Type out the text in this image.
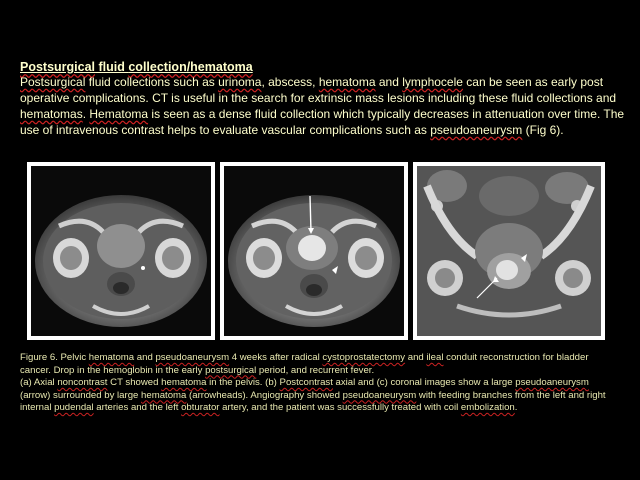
Postsurgical fluid collection/hematoma
Postsurgical fluid collections such as urinoma, abscess, hematoma and lymphocele can be seen as early post operative complications. CT is useful in the search for extrinsic mass lesions including these fluid collections and hematomas. Hematoma is seen as a dense fluid collection which typically decreases in attenuation over time. The use of intravenous contrast helps to evaluate vascular complications such as pseudoaneurysm (Fig 6).
Figure 6. Pelvic hematoma and pseudoaneurysm 4 weeks after radical cystoprostatectomy and ileal conduit reconstruction for bladder cancer. Drop in the hemoglobin in the early postsurgical period, and recurrent fever.
(a) Axial noncontrast CT showed hematoma in the pelvis. (b) Postcontrast axial and (c) coronal images show a large pseudoaneurysm (arrow) surrounded by large hematoma (arrowheads). Angiography showed pseudoaneurysm with feeding branches from the left and right internal pudendal arteries and the left obturator artery, and the patient was successfully treated with coil embolization.
